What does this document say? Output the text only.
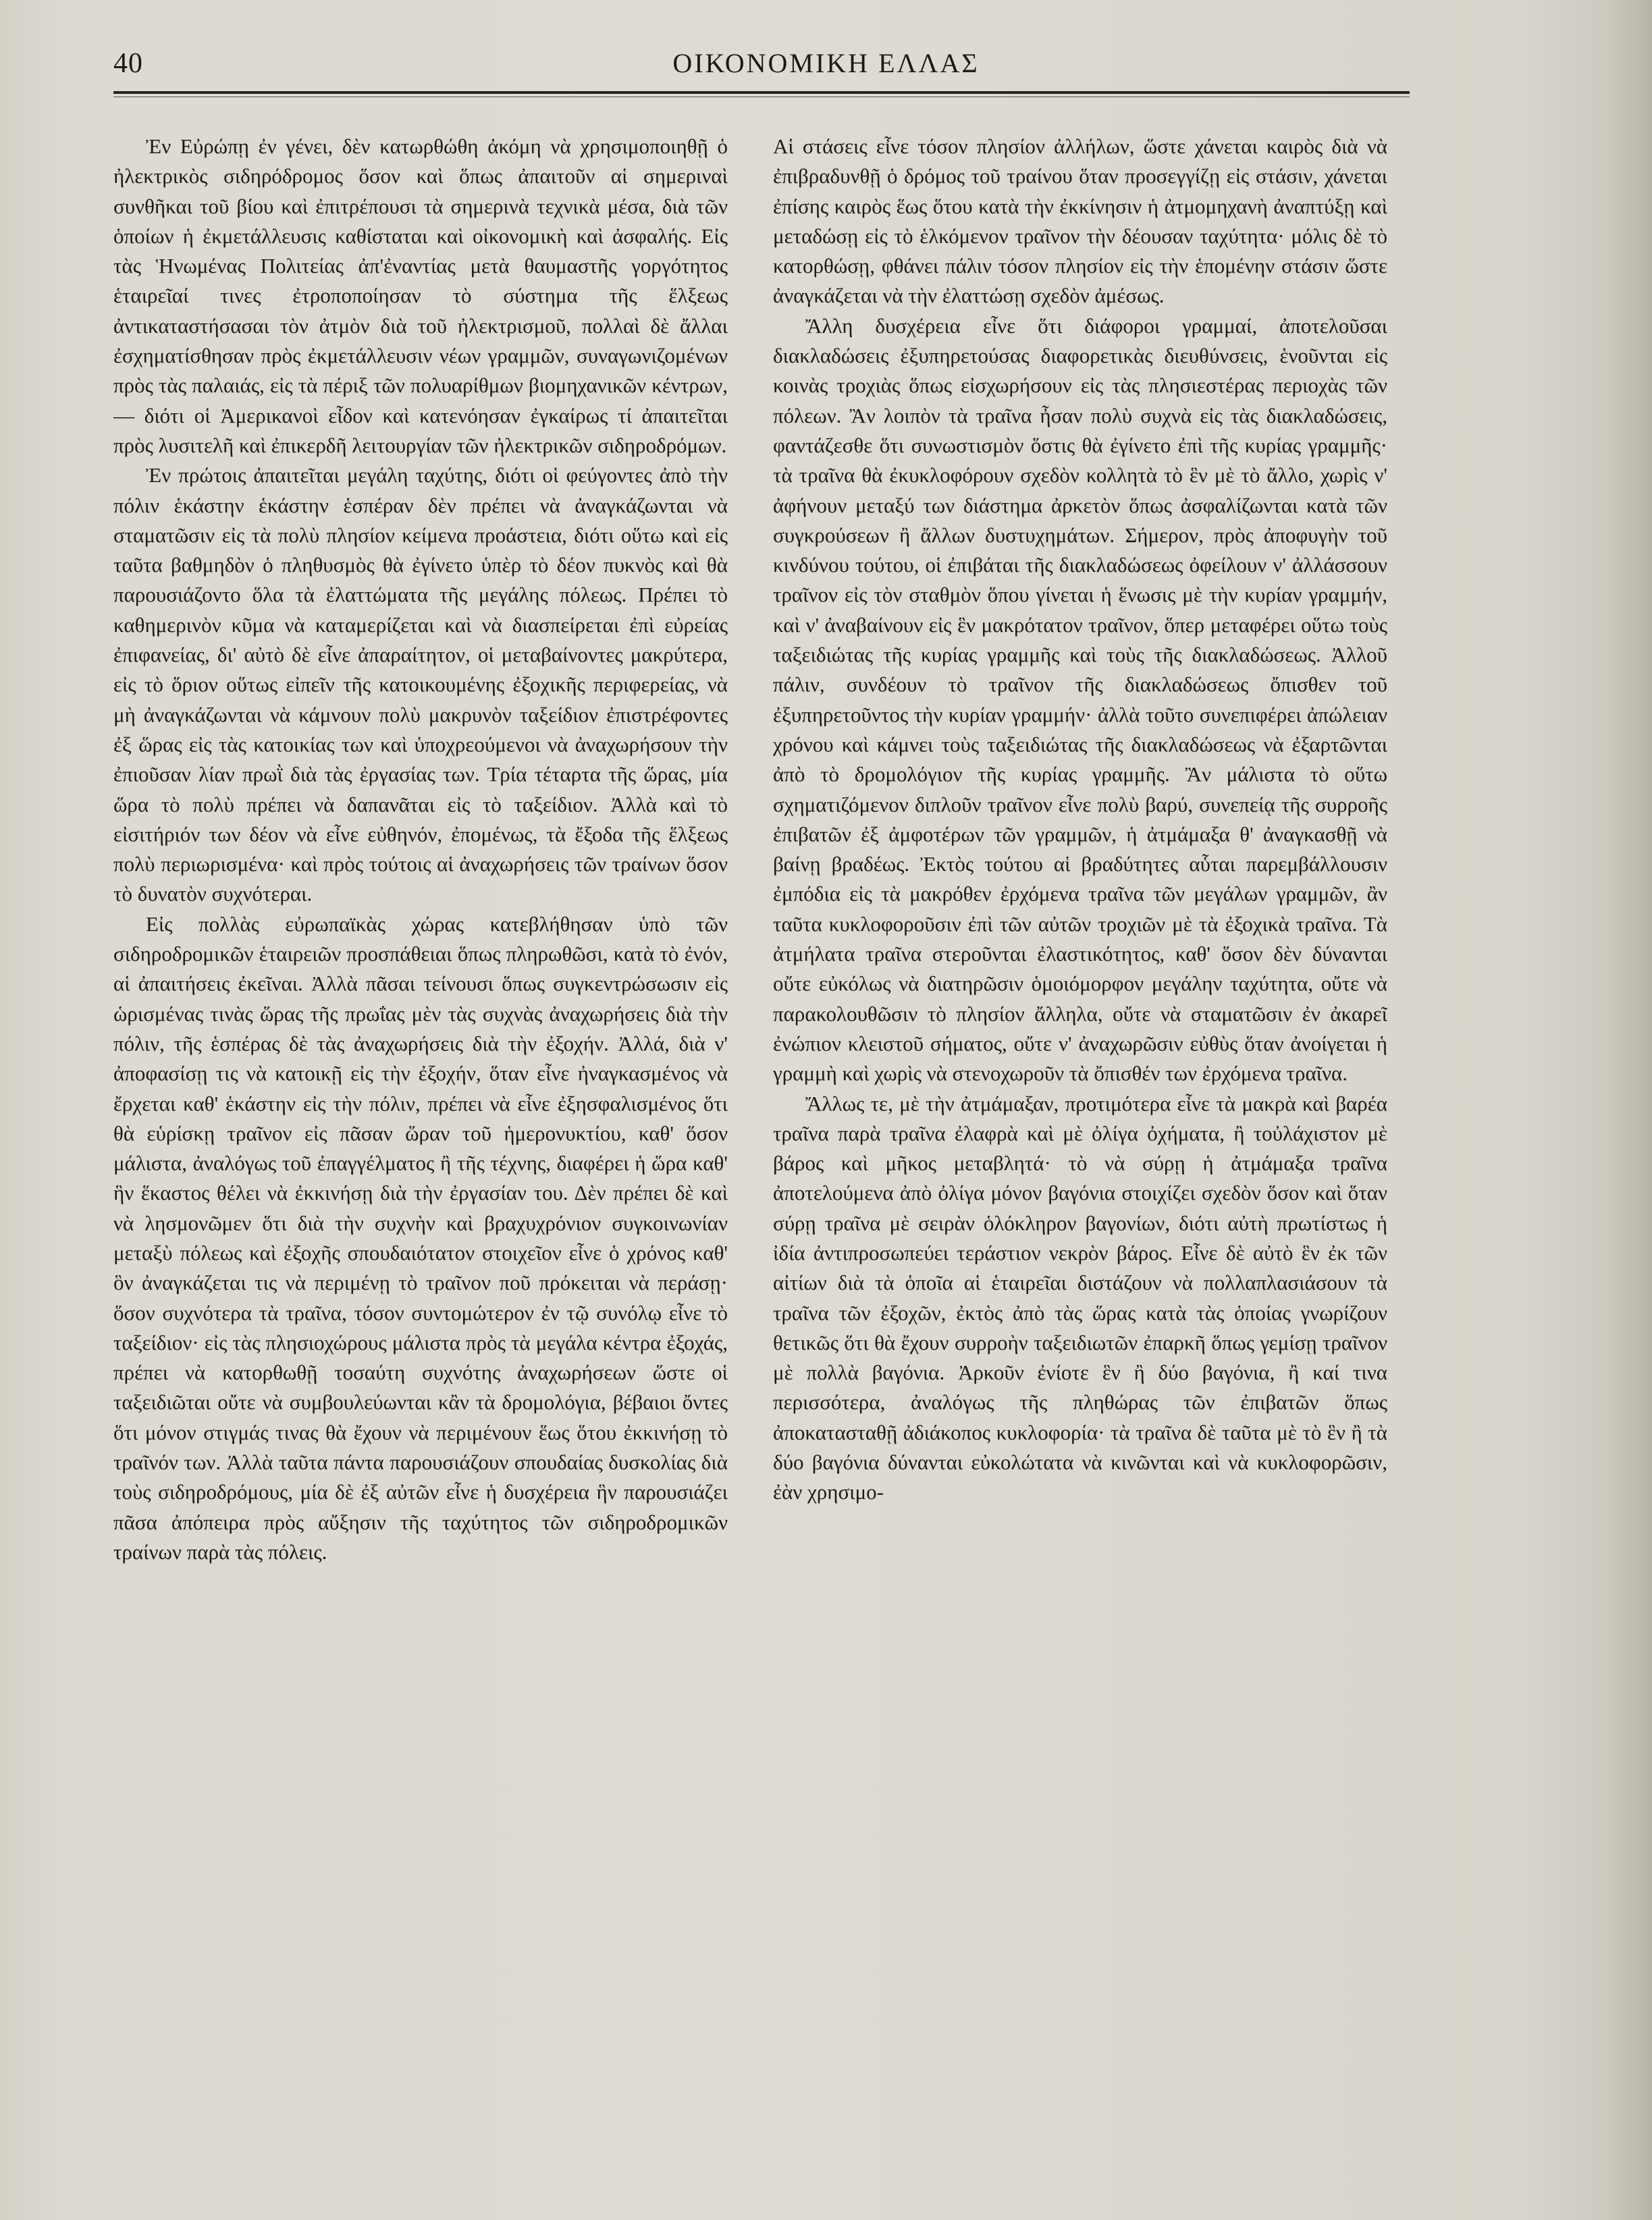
40	ΟΙΚΟΝΟΜΙΚΗ ΕΛΛΑΣ

Ἐν Εὐρώπῃ ἐν γένει, δὲν κατωρθώθη ἀκόμη νὰ χρησιμοποιηθῇ ὁ ἠλεκτρικὸς σιδηρόδρομος ὅσον καὶ ὅπως ἀπαιτοῦν αἱ σημεριναὶ συνθῆκαι τοῦ βίου καὶ ἐπιτρέπουσι τὰ σημερινὰ τεχνικὰ μέσα, διὰ τῶν ὁποίων ἡ ἐκμετάλλευσις καθίσταται καὶ οἰκονομικὴ καὶ ἀσφαλής. Εἰς τὰς Ἡνωμένας Πολιτείας ἀπ'ἐναντίας μετὰ θαυμαστῆς γοργότητος ἑταιρεῖαί τινες ἐτροποποίησαν τὸ σύστημα τῆς ἕλξεως ἀντικαταστήσασαι τὸν ἀτμὸν διὰ τοῦ ἠλεκτρισμοῦ, πολλαὶ δὲ ἄλλαι ἐσχηματίσθησαν πρὸς ἐκμετάλλευσιν νέων γραμμῶν, συναγωνιζομένων πρὸς τὰς παλαιάς, εἰς τὰ πέριξ τῶν πολυαρίθμων βιομηχανικῶν κέντρων, — διότι οἱ Ἀμερικανοὶ εἶδον καὶ κατενόησαν ἐγκαίρως τί ἀπαιτεῖται πρὸς λυσιτελῆ καὶ ἐπικερδῆ λειτουργίαν τῶν ἠλεκτρικῶν σιδηροδρόμων.

Ἐν πρώτοις ἀπαιτεῖται μεγάλη ταχύτης, διότι οἱ φεύγοντες ἀπὸ τὴν πόλιν ἑκάστην ἑκάστην ἑσπέραν δὲν πρέπει νὰ ἀναγκάζωνται νὰ σταματῶσιν εἰς τὰ πολὺ πλησίον κείμενα προάστεια, διότι οὕτω καὶ εἰς ταῦτα βαθμηδὸν ὁ πληθυσμὸς θὰ ἐγίνετο ὑπὲρ τὸ δέον πυκνὸς καὶ θὰ παρουσιάζοντο ὅλα τὰ ἐλαττώματα τῆς μεγάλης πόλεως. Πρέπει τὸ καθημερινὸν κῦμα νὰ καταμερίζεται καὶ νὰ διασπείρεται ἐπὶ εὐρείας ἐπιφανείας, δι' αὐτὸ δὲ εἶνε ἀπαραίτητον, οἱ μεταβαίνοντες μακρύτερα, εἰς τὸ ὅριον οὕτως εἰπεῖν τῆς κατοικουμένης ἐξοχικῆς περιφερείας, νὰ μὴ ἀναγκάζωνται νὰ κάμνουν πολὺ μακρυνὸν ταξείδιον ἐπιστρέφοντες ἐξ ὥρας εἰς τὰς κατοικίας των καὶ ὑποχρεούμενοι νὰ ἀναχωρήσουν τὴν ἐπιοῦσαν λίαν πρωῒ διὰ τὰς ἐργασίας των. Τρία τέταρτα τῆς ὥρας, μία ὥρα τὸ πολὺ πρέπει νὰ δαπανᾶται εἰς τὸ ταξείδιον. Ἀλλὰ καὶ τὸ εἰσιτήριόν των δέον νὰ εἶνε εὐθηνόν, ἐπομένως, τὰ ἔξοδα τῆς ἕλξεως πολὺ περιωρισμένα· καὶ πρὸς τούτοις αἱ ἀναχωρήσεις τῶν τραίνων ὅσον τὸ δυνατὸν συχνότεραι.

Εἰς πολλὰς εὐρωπαϊκὰς χώρας κατεβλήθησαν ὑπὸ τῶν σιδηροδρομικῶν ἑταιρειῶν προσπάθειαι ὅπως πληρωθῶσι, κατὰ τὸ ἐνόν, αἱ ἀπαιτήσεις ἐκεῖναι. Ἀλλὰ πᾶσαι τείνουσι ὅπως συγκεντρώσωσιν εἰς ὡρισμένας τινὰς ὥρας τῆς πρωΐας μὲν τὰς συχνὰς ἀναχωρήσεις διὰ τὴν πόλιν, τῆς ἑσπέρας δὲ τὰς ἀναχωρήσεις διὰ τὴν ἐξοχήν. Ἀλλά, διὰ ν' ἀποφασίσῃ τις νὰ κατοικῇ εἰς τὴν ἐξοχήν, ὅταν εἶνε ἠναγκασμένος νὰ ἔρχεται καθ' ἑκάστην εἰς τὴν πόλιν, πρέπει νὰ εἶνε ἐξησφαλισμένος ὅτι θὰ εὑρίσκῃ τραῖνον εἰς πᾶσαν ὥραν τοῦ ἡμερονυκτίου, καθ' ὅσον μάλιστα, ἀναλόγως τοῦ ἐπαγγέλματος ἢ τῆς τέχνης, διαφέρει ἡ ὥρα καθ' ἣν ἕκαστος θέλει νὰ ἐκκινήσῃ διὰ τὴν ἐργασίαν του. Δὲν πρέπει δὲ καὶ νὰ λησμονῶμεν ὅτι διὰ τὴν συχνὴν καὶ βραχυχρόνιον συγκοινωνίαν μεταξὺ πόλεως καὶ ἐξοχῆς σπουδαιότατον στοιχεῖον εἶνε ὁ χρόνος καθ' ὃν ἀναγκάζεται τις νὰ περιμένῃ τὸ τραῖνον ποῦ πρόκειται νὰ περάσῃ· ὅσον συχνότερα τὰ τραῖνα, τόσον συντομώτερον ἐν τῷ συνόλῳ εἶνε τὸ ταξείδιον· εἰς τὰς πλησιοχώρους μάλιστα πρὸς τὰ μεγάλα κέντρα ἐξοχάς, πρέπει νὰ κατορθωθῇ τοσαύτη συχνότης ἀναχωρήσεων ὥστε οἱ ταξειδιῶται οὔτε νὰ συμβουλεύωνται κἂν τὰ δρομολόγια, βέβαιοι ὄντες ὅτι μόνον στιγμάς τινας θὰ ἔχουν νὰ περιμένουν ἕως ὅτου ἐκκινήσῃ τὸ τραῖνόν των. Ἀλλὰ ταῦτα πάντα παρουσιάζουν σπουδαίας δυσκολίας διὰ τοὺς σιδηροδρόμους, μία δὲ ἐξ αὐτῶν εἶνε ἡ δυσχέρεια ἣν παρουσιάζει πᾶσα ἀπόπειρα πρὸς αὔξησιν τῆς ταχύτητος τῶν σιδηροδρομικῶν τραίνων παρὰ τὰς πόλεις.

Αἱ στάσεις εἶνε τόσον πλησίον ἀλλήλων, ὥστε χάνεται καιρὸς διὰ νὰ ἐπιβραδυνθῇ ὁ δρόμος τοῦ τραίνου ὅταν προσεγγίζῃ εἰς στάσιν, χάνεται ἐπίσης καιρὸς ἕως ὅτου κατὰ τὴν ἐκκίνησιν ἡ ἀτμομηχανὴ ἀναπτύξῃ καὶ μεταδώσῃ εἰς τὸ ἑλκόμενον τραῖνον τὴν δέουσαν ταχύτητα· μόλις δὲ τὸ κατορθώσῃ, φθάνει πάλιν τόσον πλησίον εἰς τὴν ἑπομένην στάσιν ὥστε ἀναγκάζεται νὰ τὴν ἐλαττώσῃ σχεδὸν ἀμέσως.

Ἄλλη δυσχέρεια εἶνε ὅτι διάφοροι γραμμαί, ἀποτελοῦσαι διακλαδώσεις ἐξυπηρετούσας διαφορετικὰς διευθύνσεις, ἑνοῦνται εἰς κοινὰς τροχιὰς ὅπως εἰσχωρήσουν εἰς τὰς πλησιεστέρας περιοχὰς τῶν πόλεων. Ἂν λοιπὸν τὰ τραῖνα ἦσαν πολὺ συχνὰ εἰς τὰς διακλαδώσεις, φαντάζεσθε ὅτι συνωστισμὸν ὅστις θὰ ἐγίνετο ἐπὶ τῆς κυρίας γραμμῆς· τὰ τραῖνα θὰ ἐκυκλοφόρουν σχεδὸν κολλητὰ τὸ ἓν μὲ τὸ ἄλλο, χωρὶς ν' ἀφήνουν μεταξύ των διάστημα ἀρκετὸν ὅπως ἀσφαλίζωνται κατὰ τῶν συγκρούσεων ἢ ἄλλων δυστυχημάτων. Σήμερον, πρὸς ἀποφυγὴν τοῦ κινδύνου τούτου, οἱ ἐπιβάται τῆς διακλαδώσεως ὀφείλουν ν' ἀλλάσσουν τραῖνον εἰς τὸν σταθμὸν ὅπου γίνεται ἡ ἕνωσις μὲ τὴν κυρίαν γραμμήν, καὶ ν' ἀναβαίνουν εἰς ἓν μακρότατον τραῖνον, ὅπερ μεταφέρει οὕτω τοὺς ταξειδιώτας τῆς κυρίας γραμμῆς καὶ τοὺς τῆς διακλαδώσεως. Ἀλλοῦ πάλιν, συνδέουν τὸ τραῖνον τῆς διακλαδώσεως ὄπισθεν τοῦ ἐξυπηρετοῦντος τὴν κυρίαν γραμμήν· ἀλλὰ τοῦτο συνεπιφέρει ἀπώλειαν χρόνου καὶ κάμνει τοὺς ταξειδιώτας τῆς διακλαδώσεως νὰ ἐξαρτῶνται ἀπὸ τὸ δρομολόγιον τῆς κυρίας γραμμῆς. Ἂν μάλιστα τὸ οὕτω σχηματιζόμενον διπλοῦν τραῖνον εἶνε πολὺ βαρύ, συνεπείᾳ τῆς συρροῆς ἐπιβατῶν ἐξ ἀμφοτέρων τῶν γραμμῶν, ἡ ἀτμάμαξα θ' ἀναγκασθῇ νὰ βαίνῃ βραδέως. Ἐκτὸς τούτου αἱ βραδύτητες αὗται παρεμβάλλουσιν ἐμπόδια εἰς τὰ μακρόθεν ἐρχόμενα τραῖνα τῶν μεγάλων γραμμῶν, ἂν ταῦτα κυκλοφοροῦσιν ἐπὶ τῶν αὐτῶν τροχιῶν μὲ τὰ ἐξοχικὰ τραῖνα. Τὰ ἀτμήλατα τραῖνα στεροῦνται ἐλαστικότητος, καθ' ὅσον δὲν δύνανται οὔτε εὐκόλως νὰ διατηρῶσιν ὁμοιόμορφον μεγάλην ταχύτητα, οὔτε νὰ παρακολουθῶσιν τὸ πλησίον ἄλληλα, οὔτε νὰ σταματῶσιν ἐν ἀκαρεῖ ἐνώπιον κλειστοῦ σήματος, οὔτε ν' ἀναχωρῶσιν εὐθὺς ὅταν ἀνοίγεται ἡ γραμμὴ καὶ χωρὶς νὰ στενοχωροῦν τὰ ὄπισθέν των ἐρχόμενα τραῖνα.

Ἄλλως τε, μὲ τὴν ἀτμάμαξαν, προτιμότερα εἶνε τὰ μακρὰ καὶ βαρέα τραῖνα παρὰ τραῖνα ἐλαφρὰ καὶ μὲ ὀλίγα ὀχήματα, ἢ τοὐλάχιστον μὲ βάρος καὶ μῆκος μεταβλητά· τὸ νὰ σύρῃ ἡ ἀτμάμαξα τραῖνα ἀποτελούμενα ἀπὸ ὀλίγα μόνον βαγόνια στοιχίζει σχεδὸν ὅσον καὶ ὅταν σύρῃ τραῖνα μὲ σειρὰν ὁλόκληρον βαγονίων, διότι αὐτὴ πρωτίστως ἡ ἰδία ἀντιπροσωπεύει τεράστιον νεκρὸν βάρος. Εἶνε δὲ αὐτὸ ἓν ἐκ τῶν αἰτίων διὰ τὰ ὁποῖα αἱ ἑταιρεῖαι διστάζουν νὰ πολλαπλασιάσουν τὰ τραῖνα τῶν ἐξοχῶν, ἐκτὸς ἀπὸ τὰς ὥρας κατὰ τὰς ὁποίας γνωρίζουν θετικῶς ὅτι θὰ ἔχουν συρροὴν ταξειδιωτῶν ἐπαρκῆ ὅπως γεμίσῃ τραῖνον μὲ πολλὰ βαγόνια. Ἀρκοῦν ἐνίοτε ἓν ἢ δύο βαγόνια, ἢ καί τινα περισσότερα, ἀναλόγως τῆς πληθώρας τῶν ἐπιβατῶν ὅπως ἀποκατασταθῇ ἀδιάκοπος κυκλοφορία· τὰ τραῖνα δὲ ταῦτα μὲ τὸ ἓν ἢ τὰ δύο βαγόνια δύνανται εὐκολώτατα νὰ κινῶνται καὶ νὰ κυκλοφορῶσιν, ἐὰν χρησιμο-
